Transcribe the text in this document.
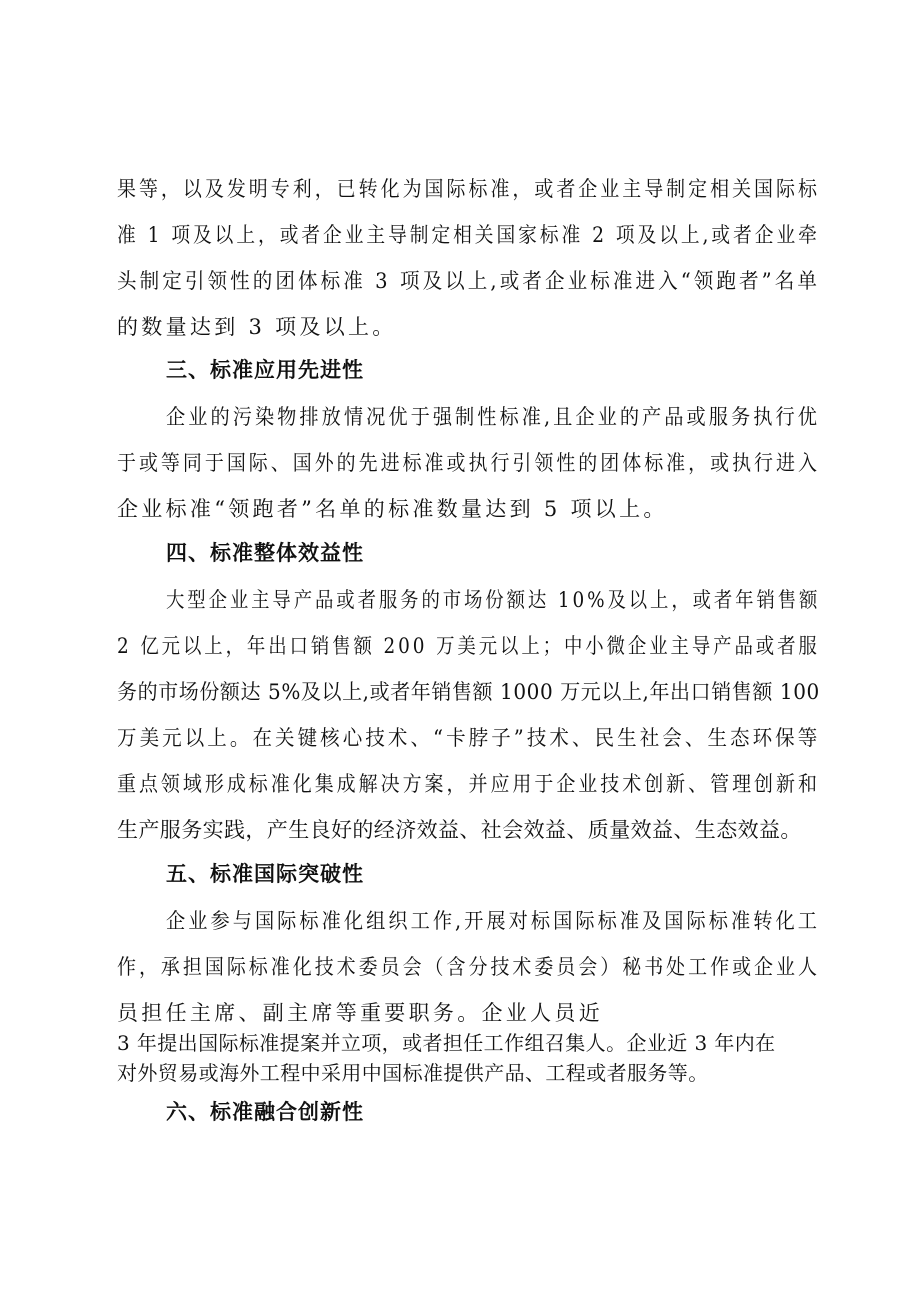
果等，以及发明专利，已转化为国际标准，或者企业主导制定相关国际标
准 1 项及以上，或者企业主导制定相关国家标准 2 项及以上,或者企业牵
头制定引领性的团体标准 3 项及以上,或者企业标准进入“领跑者”名单
的数量达到 3 项及以上。
三、标准应用先进性
企业的污染物排放情况优于强制性标准,且企业的产品或服务执行优
于或等同于国际、国外的先进标准或执行引领性的团体标准，或执行进入
企业标准“领跑者”名单的标准数量达到 5 项以上。
四、标准整体效益性
大型企业主导产品或者服务的市场份额达 10%及以上，或者年销售额
2 亿元以上，年出口销售额 200 万美元以上；中小微企业主导产品或者服
务的市场份额达 5%及以上,或者年销售额 1000 万元以上,年出口销售额 100
万美元以上。在关键核心技术、“卡脖子”技术、民生社会、生态环保等
重点领域形成标准化集成解决方案，并应用于企业技术创新、管理创新和
生产服务实践，产生良好的经济效益、社会效益、质量效益、生态效益。
五、标准国际突破性
企业参与国际标准化组织工作,开展对标国际标准及国际标准转化工
作，承担国际标准化技术委员会（含分技术委员会）秘书处工作或企业人
员担任主席、副主席等重要职务。企业人员近
3 年提出国际标准提案并立项，或者担任工作组召集人。企业近 3 年内在
对外贸易或海外工程中采用中国标准提供产品、工程或者服务等。
六、标准融合创新性
